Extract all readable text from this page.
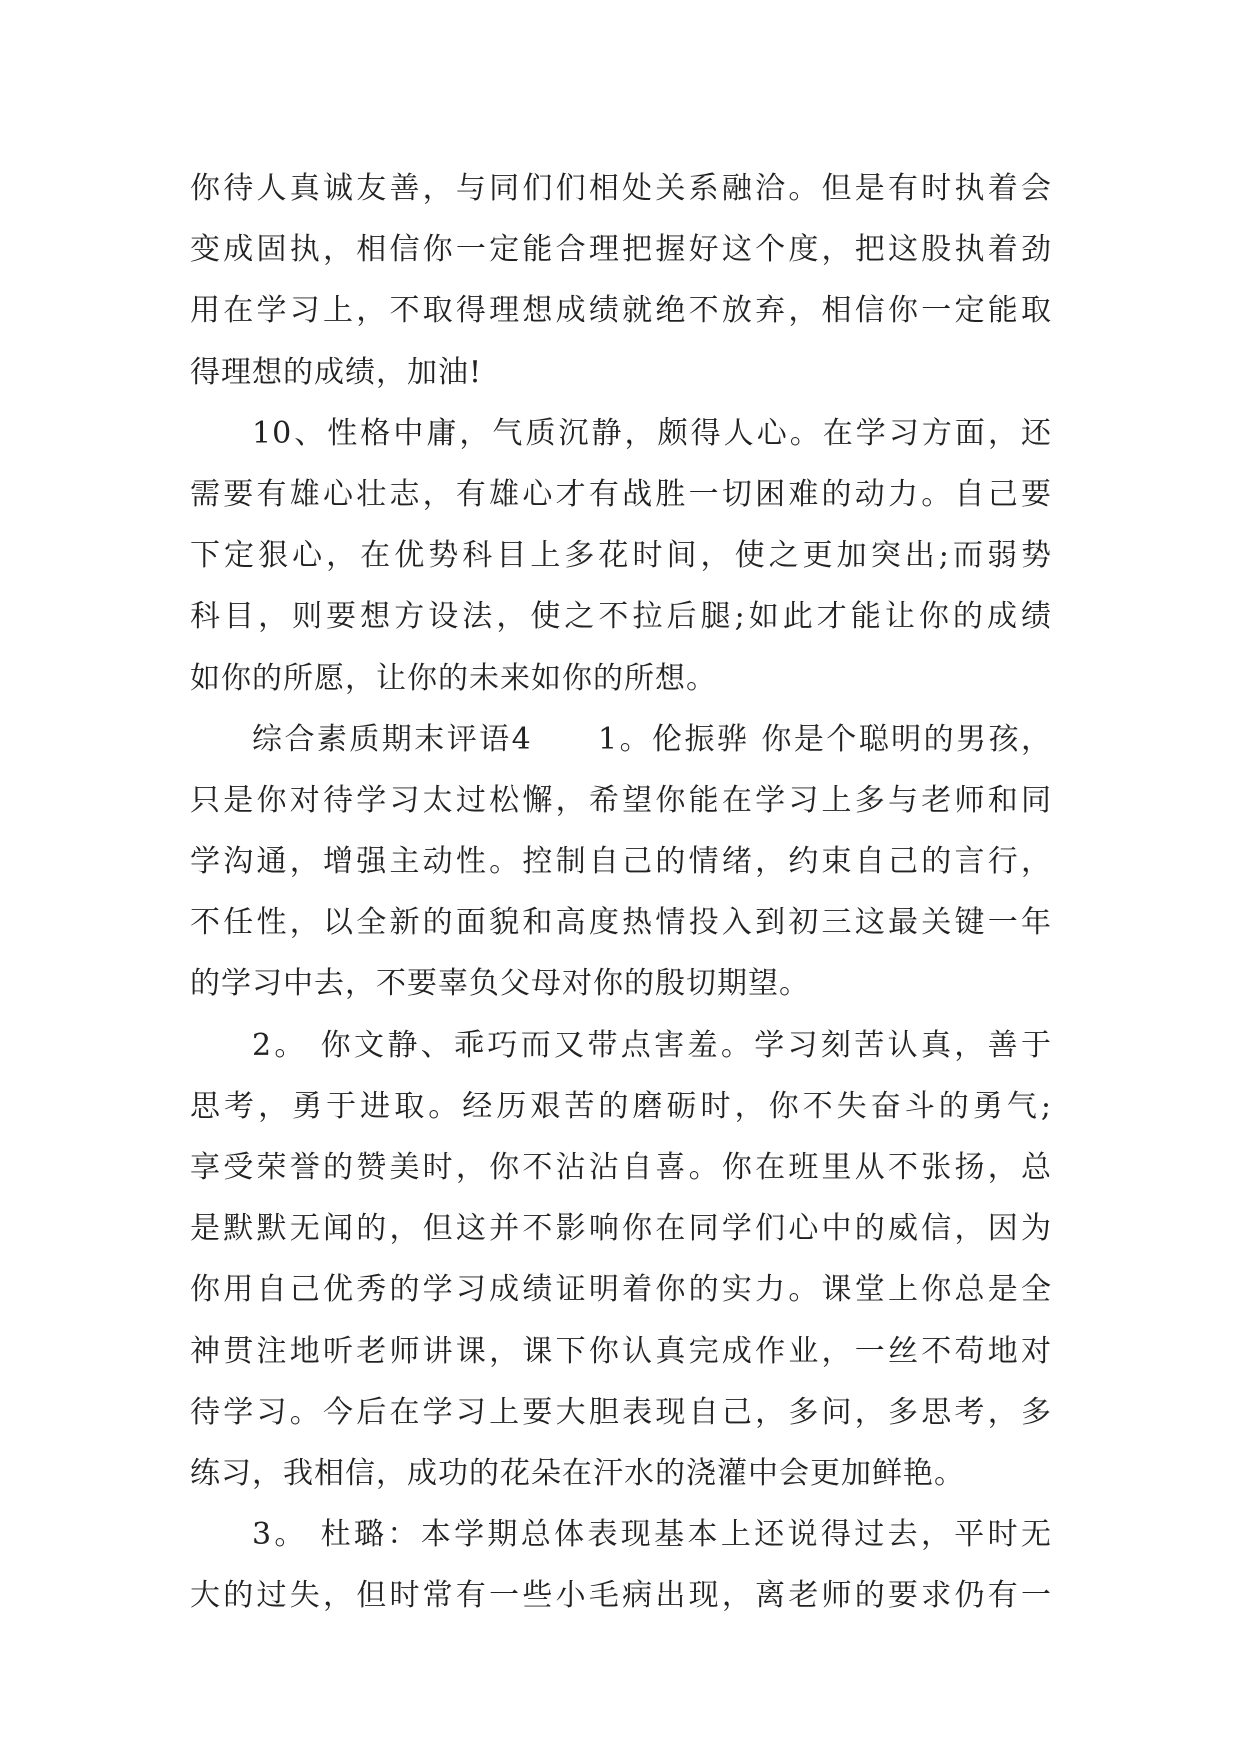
你待人真诚友善，与同们们相处关系融洽。但是有时执着会
变成固执，相信你一定能合理把握好这个度，把这股执着劲
用在学习上，不取得理想成绩就绝不放弃，相信你一定能取
得理想的成绩，加油!
10、性格中庸，气质沉静，颇得人心。在学习方面，还
需要有雄心壮志，有雄心才有战胜一切困难的动力。自己要
下定狠心，在优势科目上多花时间，使之更加突出;而弱势
科目，则要想方设法，使之不拉后腿;如此才能让你的成绩
如你的所愿，让你的未来如你的所想。
综合素质期末评语4　　1。伦振骅 你是个聪明的男孩，
只是你对待学习太过松懈，希望你能在学习上多与老师和同
学沟通，增强主动性。控制自己的情绪，约束自己的言行，
不任性，以全新的面貌和高度热情投入到初三这最关键一年
的学习中去，不要辜负父母对你的殷切期望。
2。 你文静、乖巧而又带点害羞。学习刻苦认真，善于
思考，勇于进取。经历艰苦的磨砺时，你不失奋斗的勇气;
享受荣誉的赞美时，你不沾沾自喜。你在班里从不张扬，总
是默默无闻的，但这并不影响你在同学们心中的威信，因为
你用自己优秀的学习成绩证明着你的实力。课堂上你总是全
神贯注地听老师讲课，课下你认真完成作业，一丝不苟地对
待学习。今后在学习上要大胆表现自己，多问，多思考，多
练习，我相信，成功的花朵在汗水的浇灌中会更加鲜艳。
3。 杜璐：本学期总体表现基本上还说得过去，平时无
大的过失，但时常有一些小毛病出现，离老师的要求仍有一
